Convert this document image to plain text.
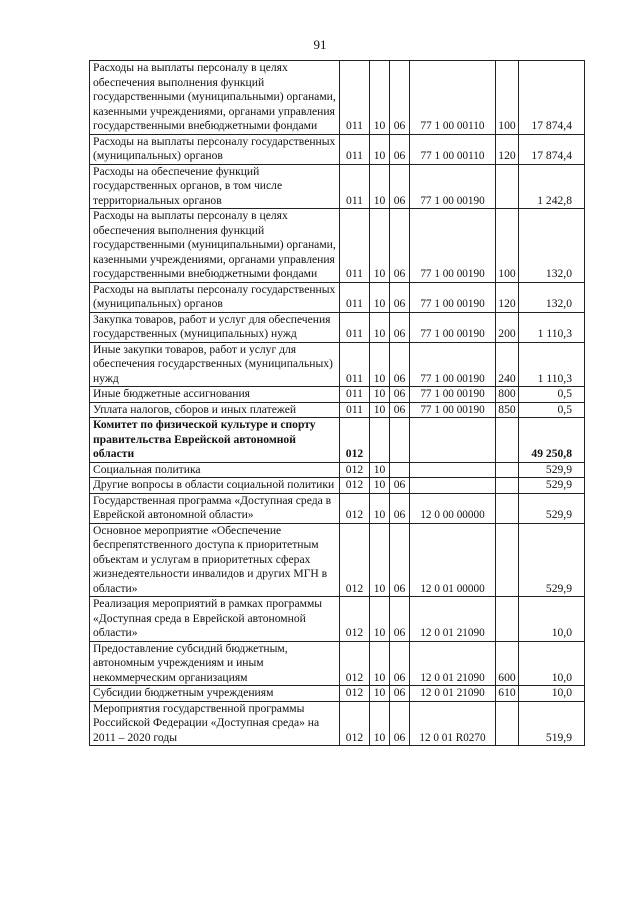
91
Расходы на выплаты персоналу в целях обеспечения выполнения функций государственными (муниципальными) органами, казенными учреждениями, органами управления государственными внебюджетными фондами	011	10	06	77 1 00 00110	100	17 874,4
Расходы на выплаты персоналу государственных (муниципальных) органов	011	10	06	77 1 00 00110	120	17 874,4
Расходы на обеспечение функций государственных органов, в том числе территориальных органов	011	10	06	77 1 00 00190		1 242,8
Расходы на выплаты персоналу в целях обеспечения выполнения функций государственными (муниципальными) органами, казенными учреждениями, органами управления государственными внебюджетными фондами	011	10	06	77 1 00 00190	100	132,0
Расходы на выплаты персоналу государственных (муниципальных) органов	011	10	06	77 1 00 00190	120	132,0
Закупка товаров, работ и услуг для обеспечения государственных (муниципальных) нужд	011	10	06	77 1 00 00190	200	1 110,3
Иные закупки товаров, работ и услуг для обеспечения государственных (муниципальных) нужд	011	10	06	77 1 00 00190	240	1 110,3
Иные бюджетные ассигнования	011	10	06	77 1 00 00190	800	0,5
Уплата налогов, сборов и иных платежей	011	10	06	77 1 00 00190	850	0,5
Комитет по физической культуре и спорту правительства Еврейской автономной области	012					49 250,8
Социальная политика	012	10				529,9
Другие вопросы в области социальной политики	012	10	06			529,9
Государственная программа «Доступная среда в Еврейской автономной области»	012	10	06	12 0 00 00000		529,9
Основное мероприятие «Обеспечение беспрепятственного доступа к приоритетным объектам и услугам в приоритетных сферах жизнедеятельности инвалидов и других МГН в области»	012	10	06	12 0 01 00000		529,9
Реализация мероприятий в рамках программы «Доступная среда в Еврейской автономной области»	012	10	06	12 0 01 21090		10,0
Предоставление субсидий бюджетным, автономным учреждениям и иным некоммерческим организациям	012	10	06	12 0 01 21090	600	10,0
Субсидии бюджетным учреждениям	012	10	06	12 0 01 21090	610	10,0
Мероприятия государственной программы Российской Федерации «Доступная среда» на 2011 – 2020 годы	012	10	06	12 0 01 R0270		519,9
